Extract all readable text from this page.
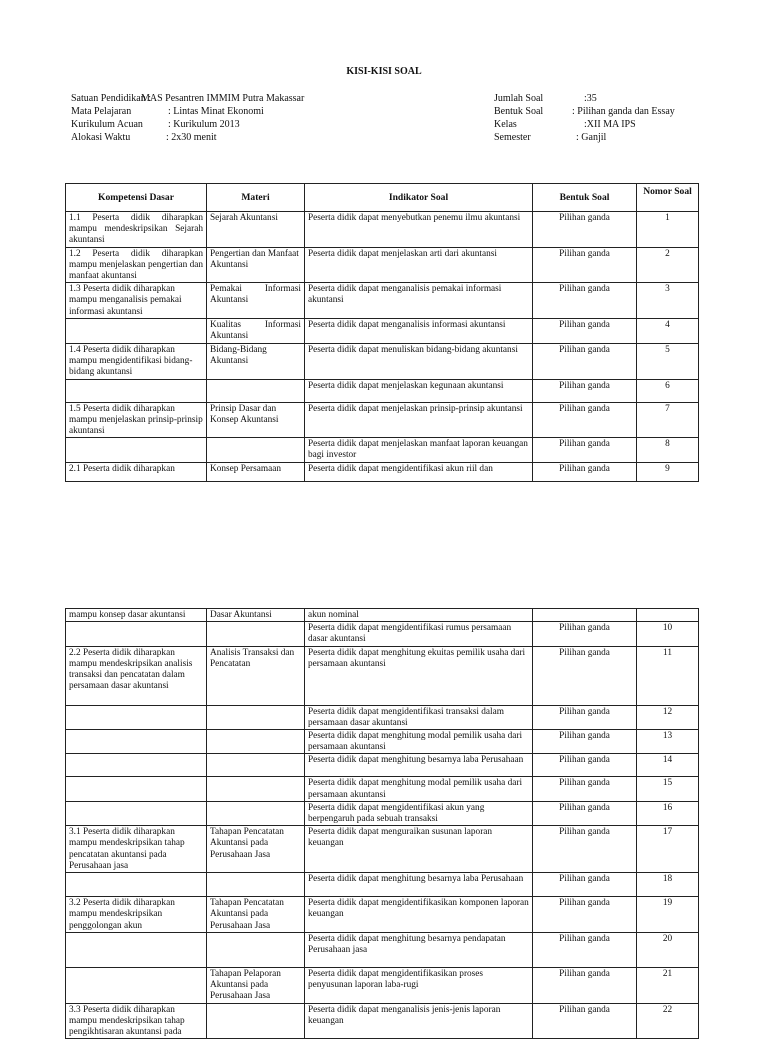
KISI-KISI SOAL
Satuan Pendidikan :
MAS Pesantren IMMIM Putra Makassar
Mata Pelajaran	: Lintas Minat Ekonomi
Kurikulum Acuan	: Kurikulum 2013
Alokasi Waktu	: 2x30 menit
Jumlah Soal	:35
Bentuk Soal	: Pilihan ganda dan Essay
Kelas	:XII MA IPS
Semester	: Ganjil
Kompetensi Dasar	Materi	Indikator Soal	Bentuk Soal	Nomor Soal
1.1 Peserta didik diharapkan mampu mendeskripsikan Sejarah akuntansi	Sejarah Akuntansi	Peserta didik dapat menyebutkan penemu ilmu akuntansi	Pilihan ganda	1
1.2 Peserta didik diharapkan mampu menjelaskan pengertian dan manfaat akuntansi	Pengertian dan Manfaat Akuntansi	Peserta didik dapat menjelaskan arti dari akuntansi	Pilihan ganda	2
1.3 Peserta didik diharapkan mampu menganalisis pemakai informasi akuntansi	Pemakai Informasi Akuntansi	Peserta didik dapat menganalisis pemakai informasi akuntansi	Pilihan ganda	3
	Kualitas Informasi Akuntansi	Peserta didik dapat menganalisis informasi akuntansi	Pilihan ganda	4
1.4 Peserta didik diharapkan mampu mengidentifikasi bidang-bidang akuntansi	Bidang-Bidang Akuntansi	Peserta didik dapat menuliskan bidang-bidang akuntansi	Pilihan ganda	5
		Peserta didik dapat menjelaskan kegunaan akuntansi	Pilihan ganda	6
1.5 Peserta didik diharapkan mampu menjelaskan prinsip-prinsip akuntansi	Prinsip Dasar dan Konsep Akuntansi	Peserta didik dapat menjelaskan prinsip-prinsip akuntansi	Pilihan ganda	7
		Peserta didik dapat menjelaskan manfaat laporan keuangan bagi investor	Pilihan ganda	8
2.1 Peserta didik diharapkan	Konsep Persamaan	Peserta didik dapat mengidentifikasi akun riil dan	Pilihan ganda	9
mampu konsep dasar akuntansi	Dasar Akuntansi	akun nominal		
		Peserta didik dapat mengidentifikasi rumus persamaan dasar akuntansi	Pilihan ganda	10
2.2 Peserta didik diharapkan mampu mendeskripsikan analisis transaksi dan pencatatan dalam persamaan dasar akuntansi	Analisis Transaksi dan Pencatatan	Peserta didik dapat menghitung ekuitas pemilik usaha dari persamaan akuntansi	Pilihan ganda	11
		Peserta didik dapat mengidentifikasi transaksi dalam persamaan dasar akuntansi	Pilihan ganda	12
		Peserta didik dapat menghitung modal pemilik usaha dari persamaan akuntansi	Pilihan ganda	13
		Peserta didik dapat menghitung besarnya laba Perusahaan	Pilihan ganda	14
		Peserta didik dapat menghitung modal pemilik usaha dari persamaan akuntansi	Pilihan ganda	15
		Peserta didik dapat mengidentifikasi akun yang berpengaruh pada sebuah transaksi	Pilihan ganda	16
3.1 Peserta didik diharapkan mampu mendeskripsikan tahap pencatatan akuntansi pada Perusahaan jasa	Tahapan Pencatatan Akuntansi pada Perusahaan Jasa	Peserta didik dapat menguraikan susunan laporan keuangan	Pilihan ganda	17
		Peserta didik dapat menghitung besarnya laba Perusahaan	Pilihan ganda	18
3.2 Peserta didik diharapkan mampu mendeskripsikan penggolongan akun	Tahapan Pencatatan Akuntansi pada Perusahaan Jasa	Peserta didik dapat mengidentifikasikan komponen laporan keuangan	Pilihan ganda	19
		Peserta didik dapat menghitung besarnya pendapatan Perusahaan jasa	Pilihan ganda	20
	Tahapan Pelaporan Akuntansi pada Perusahaan Jasa	Peserta didik dapat mengidentifikasikan proses penyusunan laporan laba-rugi	Pilihan ganda	21
3.3 Peserta didik diharapkan mampu mendeskripsikan tahap pengikhtisaran akuntansi pada		Peserta didik dapat menganalisis jenis-jenis laporan keuangan	Pilihan ganda	22
